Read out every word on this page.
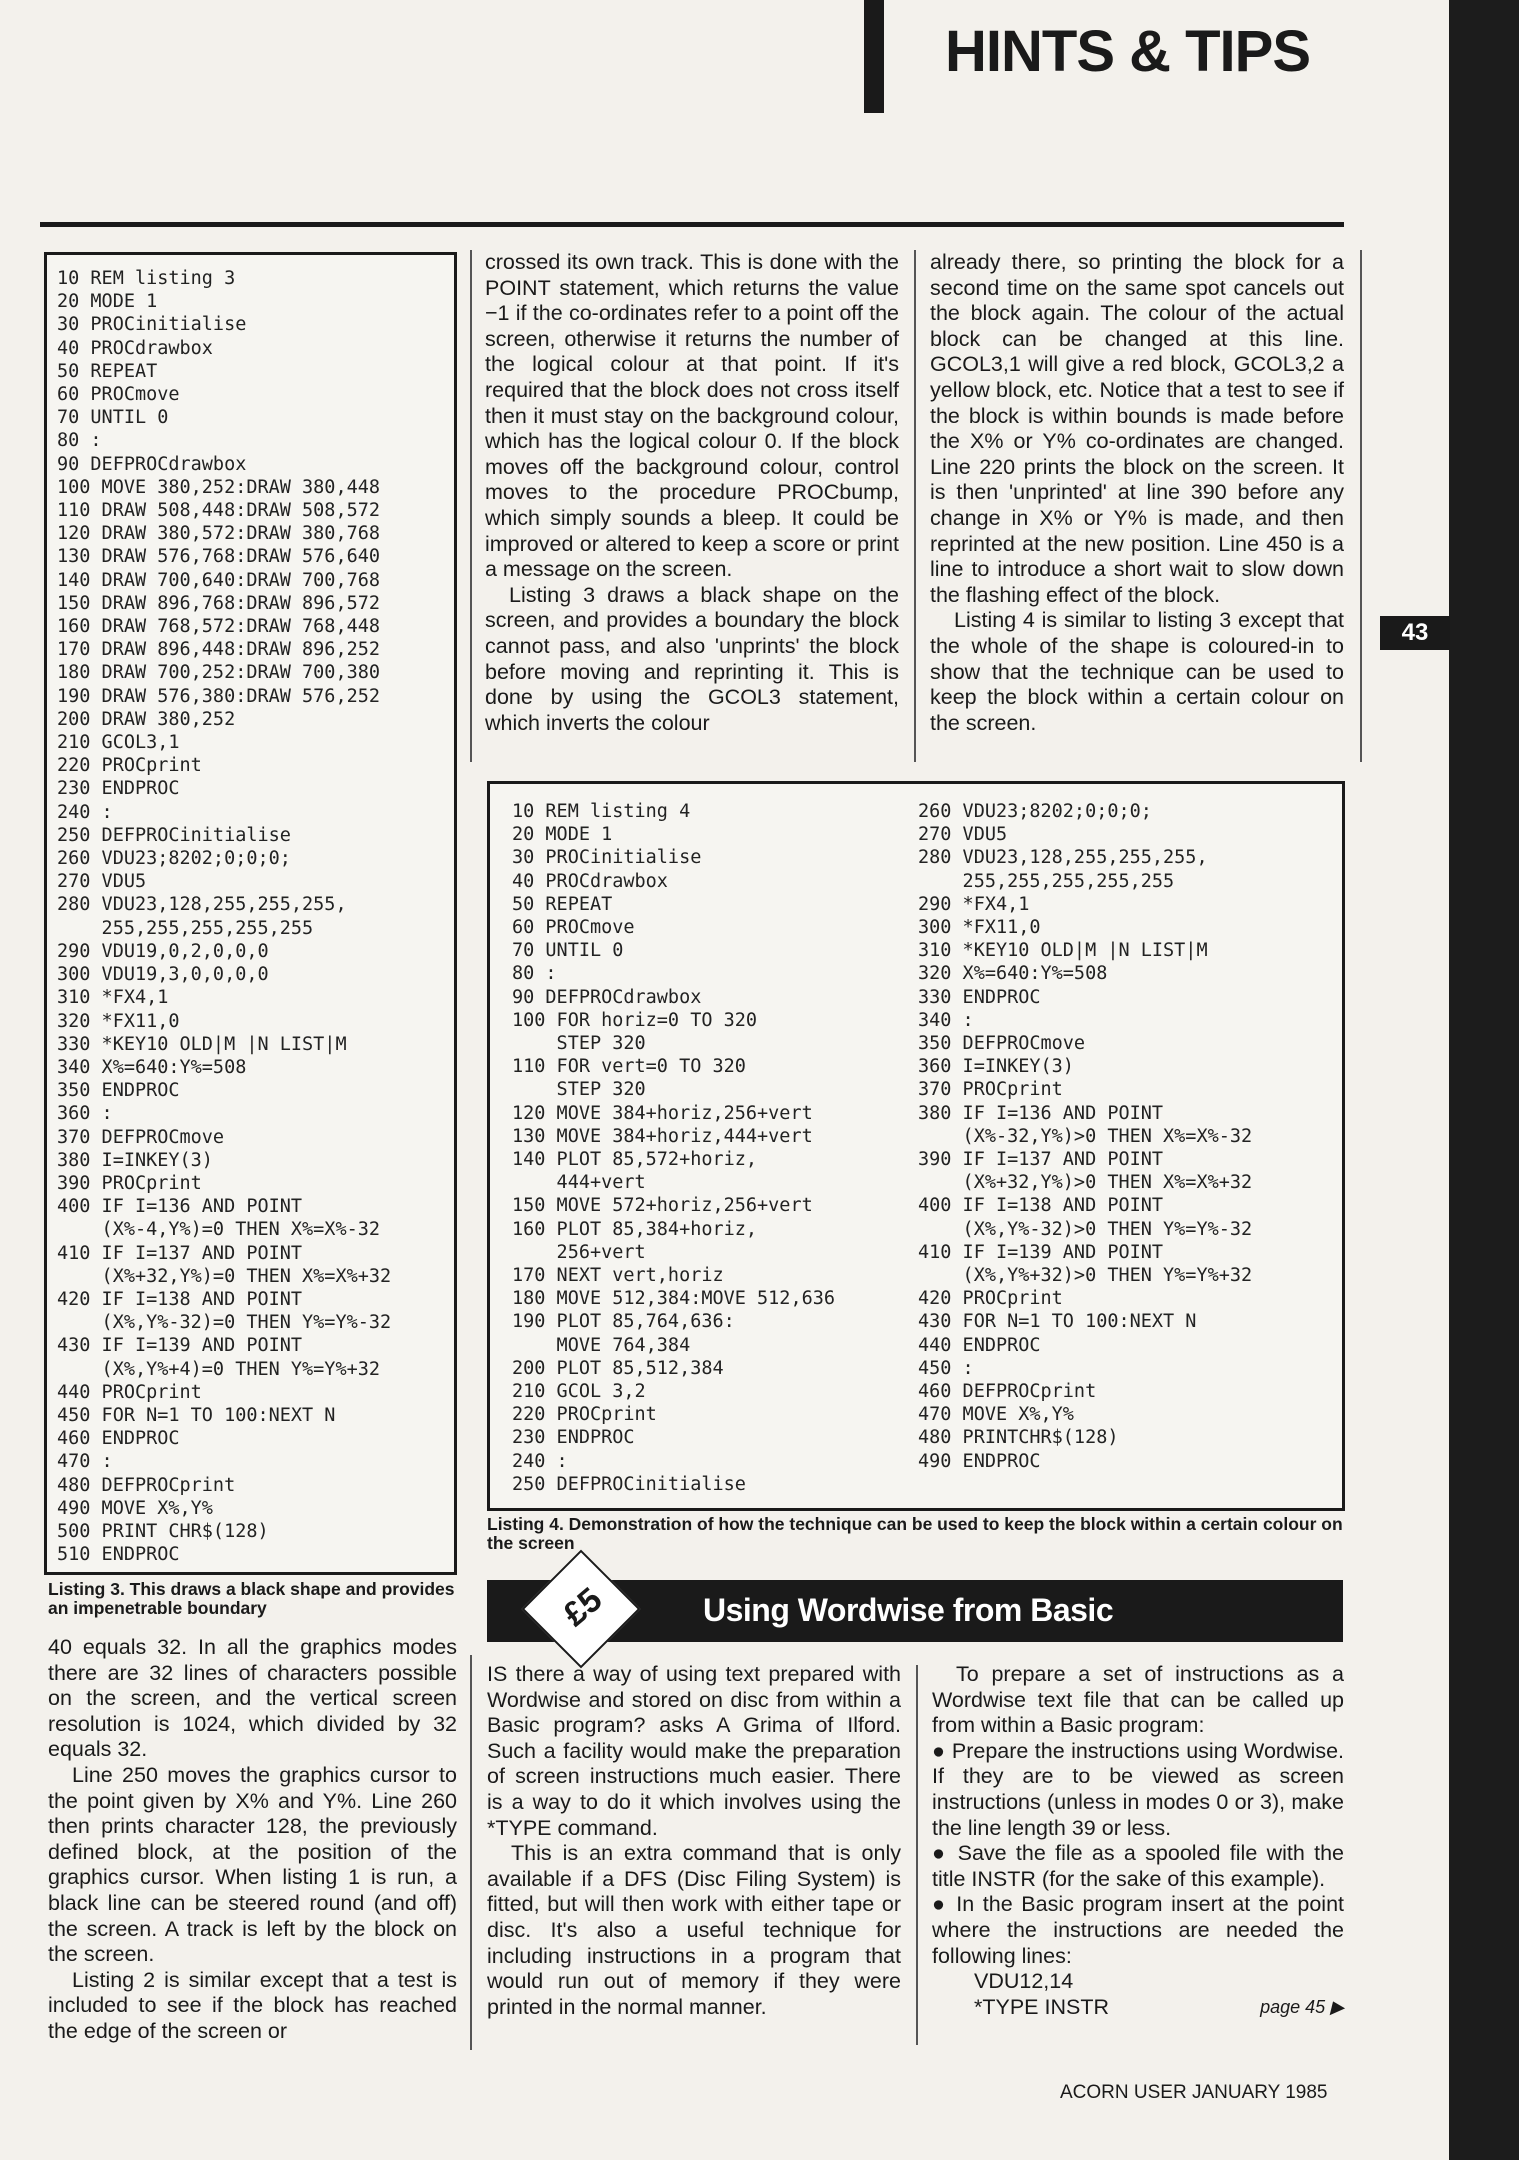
HINTS & TIPS
43
10 REM listing 3
20 MODE 1
30 PROCinitialise
40 PROCdrawbox
50 REPEAT
60 PROCmove
70 UNTIL 0
80 :
90 DEFPROCdrawbox
100 MOVE 380,252:DRAW 380,448
110 DRAW 508,448:DRAW 508,572
120 DRAW 380,572:DRAW 380,768
130 DRAW 576,768:DRAW 576,640
140 DRAW 700,640:DRAW 700,768
150 DRAW 896,768:DRAW 896,572
160 DRAW 768,572:DRAW 768,448
170 DRAW 896,448:DRAW 896,252
180 DRAW 700,252:DRAW 700,380
190 DRAW 576,380:DRAW 576,252
200 DRAW 380,252
210 GCOL3,1
220 PROCprint
230 ENDPROC
240 :
250 DEFPROCinitialise
260 VDU23;8202;0;0;0;
270 VDU5
280 VDU23,128,255,255,255,
255,255,255,255,255
290 VDU19,0,2,0,0,0
300 VDU19,3,0,0,0,0
310 *FX4,1
320 *FX11,0
330 *KEY10 OLD|M |N LIST|M
340 X%=640:Y%=508
350 ENDPROC
360 :
370 DEFPROCmove
380 I=INKEY(3)
390 PROCprint
400 IF I=136 AND POINT
(X%-4,Y%)=0 THEN X%=X%-32
410 IF I=137 AND POINT
(X%+32,Y%)=0 THEN X%=X%+32
420 IF I=138 AND POINT
(X%,Y%-32)=0 THEN Y%=Y%-32
430 IF I=139 AND POINT
(X%,Y%+4)=0 THEN Y%=Y%+32
440 PROCprint
450 FOR N=1 TO 100:NEXT N
460 ENDPROC
470 :
480 DEFPROCprint
490 MOVE X%,Y%
500 PRINT CHR$(128)
510 ENDPROC
Listing 3. This draws a black shape and provides an impenetrable boundary

crossed its own track. This is done with the POINT statement, which returns the value −1 if the co-ordinates refer to a point off the screen, otherwise it returns the number of the logical colour at that point. If it's required that the block does not cross itself then it must stay on the background colour, which has the logical colour 0. If the block moves off the background colour, control moves to the procedure PROCbump, which simply sounds a bleep. It could be improved or altered to keep a score or print a message on the screen.

Listing 3 draws a black shape on the screen, and provides a boundary the block cannot pass, and also 'unprints' the block before moving and reprinting it. This is done by using the GCOL3 statement, which inverts the colour

already there, so printing the block for a second time on the same spot cancels out the block again. The colour of the actual block can be changed at this line. GCOL3,1 will give a red block, GCOL3,2 a yellow block, etc. Notice that a test to see if the block is within bounds is made before the X% or Y% co-ordinates are changed. Line 220 prints the block on the screen. It is then 'unprinted' at line 390 before any change in X% or Y% is made, and then reprinted at the new position. Line 450 is a line to introduce a short wait to slow down the flashing effect of the block.

Listing 4 is similar to listing 3 except that the whole of the shape is coloured-in to show that the technique can be used to keep the block within a certain colour on the screen.

10 REM listing 4
20 MODE 1
30 PROCinitialise
40 PROCdrawbox
50 REPEAT
60 PROCmove
70 UNTIL 0
80 :
90 DEFPROCdrawbox
100 FOR horiz=0 TO 320
STEP 320
110 FOR vert=0 TO 320
STEP 320
120 MOVE 384+horiz,256+vert
130 MOVE 384+horiz,444+vert
140 PLOT 85,572+horiz,
444+vert
150 MOVE 572+horiz,256+vert
160 PLOT 85,384+horiz,
256+vert
170 NEXT vert,horiz
180 MOVE 512,384:MOVE 512,636
190 PLOT 85,764,636:
MOVE 764,384
200 PLOT 85,512,384
210 GCOL 3,2
220 PROCprint
230 ENDPROC
240 :
250 DEFPROCinitialise
260 VDU23;8202;0;0;0;
270 VDU5
280 VDU23,128,255,255,255,
255,255,255,255,255
290 *FX4,1
300 *FX11,0
310 *KEY10 OLD|M |N LIST|M
320 X%=640:Y%=508
330 ENDPROC
340 :
350 DEFPROCmove
360 I=INKEY(3)
370 PROCprint
380 IF I=136 AND POINT
(X%-32,Y%)>0 THEN X%=X%-32
390 IF I=137 AND POINT
(X%+32,Y%)>0 THEN X%=X%+32
400 IF I=138 AND POINT
(X%,Y%-32)>0 THEN Y%=Y%-32
410 IF I=139 AND POINT
(X%,Y%+32)>0 THEN Y%=Y%+32
420 PROCprint
430 FOR N=1 TO 100:NEXT N
440 ENDPROC
450 :
460 DEFPROCprint
470 MOVE X%,Y%
480 PRINTCHR$(128)
490 ENDPROC
Listing 4. Demonstration of how the technique can be used to keep the block within a certain colour on the screen

40 equals 32. In all the graphics modes there are 32 lines of characters possible on the screen, and the vertical screen resolution is 1024, which divided by 32 equals 32.

Line 250 moves the graphics cursor to the point given by X% and Y%. Line 260 then prints character 128, the previously defined block, at the position of the graphics cursor. When listing 1 is run, a black line can be steered round (and off) the screen. A track is left by the block on the screen.

Listing 2 is similar except that a test is included to see if the block has reached the edge of the screen or

£5	Using Wordwise from Basic

IS there a way of using text prepared with Wordwise and stored on disc from within a Basic program? asks A Grima of Ilford. Such a facility would make the preparation of screen instructions much easier. There is a way to do it which involves using the *TYPE command.

This is an extra command that is only available if a DFS (Disc Filing System) is fitted, but will then work with either tape or disc. It's also a useful technique for including instructions in a program that would run out of memory if they were printed in the normal manner.

To prepare a set of instructions as a Wordwise text file that can be called up from within a Basic program:

● Prepare the instructions using Wordwise. If they are to be viewed as screen instructions (unless in modes 0 or 3), make the line length 39 or less.
● Save the file as a spooled file with the title INSTR (for the sake of this example).
● In the Basic program insert at the point where the instructions are needed the following lines:
VDU12,14
*TYPE INSTR	page 45 ▶
ACORN USER JANUARY 1985
